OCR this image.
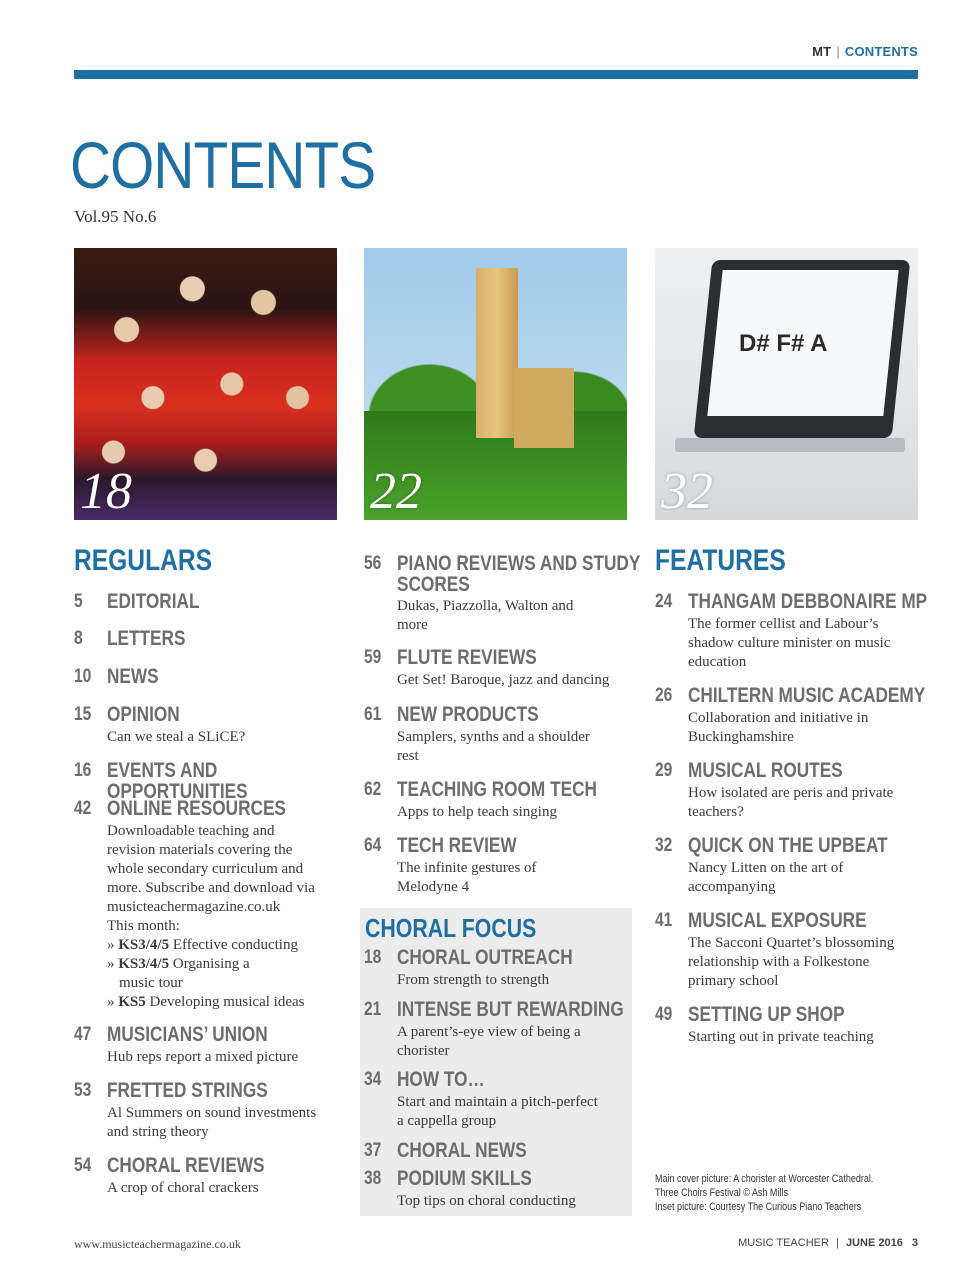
MT | CONTENTS
CONTENTS
Vol.95 No.6
18	22
D# F# A
32
REGULARS	FEATURES
CHORAL FOCUS
5 EDITORIAL
8 LETTERS
10 NEWS
15 OPINION
Can we steal a SLiCE?
16 EVENTS AND OPPORTUNITIES
42 ONLINE RESOURCES
Downloadable teaching and
revision materials covering the
whole secondary curriculum and
more. Subscribe and download via
musicteachermagazine.co.uk
This month:
» KS3/4/5 Effective conducting
» KS3/4/5 Organising a
music tour
» KS5 Developing musical ideas
47 MUSICIANS’ UNION
Hub reps report a mixed picture
53 FRETTED STRINGS
Al Summers on sound investments
and string theory
54 CHORAL REVIEWS
A crop of choral crackers
56 PIANO REVIEWS AND STUDY
SCORES
Dukas, Piazzolla, Walton and
more
59 FLUTE REVIEWS
Get Set! Baroque, jazz and dancing
61 NEW PRODUCTS
Samplers, synths and a shoulder
rest
62 TEACHING ROOM TECH
Apps to help teach singing
64 TECH REVIEW
The infinite gestures of
Melodyne 4
18 CHORAL OUTREACH
From strength to strength
21 INTENSE BUT REWARDING
A parent’s-eye view of being a
chorister
34 HOW TO…
Start and maintain a pitch-perfect
a cappella group
37 CHORAL NEWS
38 PODIUM SKILLS
Top tips on choral conducting
24 THANGAM DEBBONAIRE MP
The former cellist and Labour’s
shadow culture minister on music
education
26 CHILTERN MUSIC ACADEMY
Collaboration and initiative in
Buckinghamshire
29 MUSICAL ROUTES
How isolated are peris and private
teachers?
32 QUICK ON THE UPBEAT
Nancy Litten on the art of
accompanying
41 MUSICAL EXPOSURE
The Sacconi Quartet’s blossoming
relationship with a Folkestone
primary school
49 SETTING UP SHOP
Starting out in private teaching
Main cover picture: A chorister at Worcester Cathedral.
Three Choirs Festival © Ash Mills
Inset picture: Courtesy The Curious Piano Teachers
www.musicteachermagazine.co.uk	MUSIC TEACHER | JUNE 2016 3
